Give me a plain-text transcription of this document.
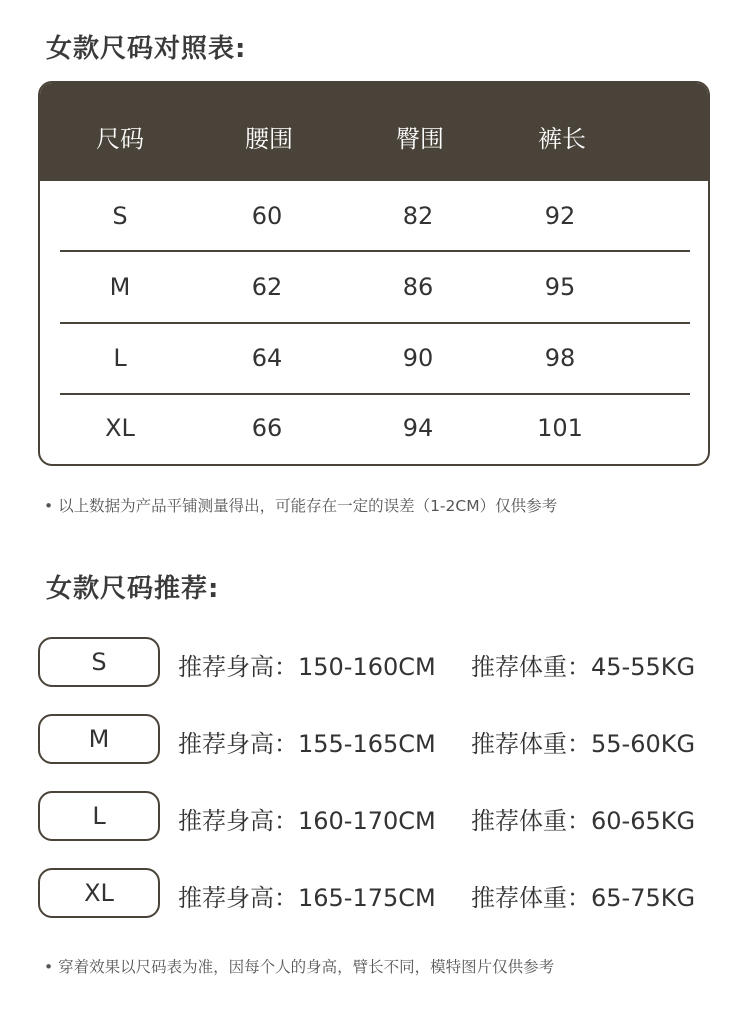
女款尺码对照表:
尺码	腰围	臀围	裤长
S	60	82	92
M	62	86	95
L	64	90	98
XL	66	94	101
• 以上数据为产品平铺测量得出，可能存在一定的误差（1-2CM）仅供参考
女款尺码推荐:
S	推荐身高：150-160CM 推荐体重：45-55KG
M	推荐身高：155-165CM 推荐体重：55-60KG
L	推荐身高：160-170CM 推荐体重：60-65KG
XL	推荐身高：165-175CM 推荐体重：65-75KG
• 穿着效果以尺码表为准，因每个人的身高，臂长不同，模特图片仅供参考
